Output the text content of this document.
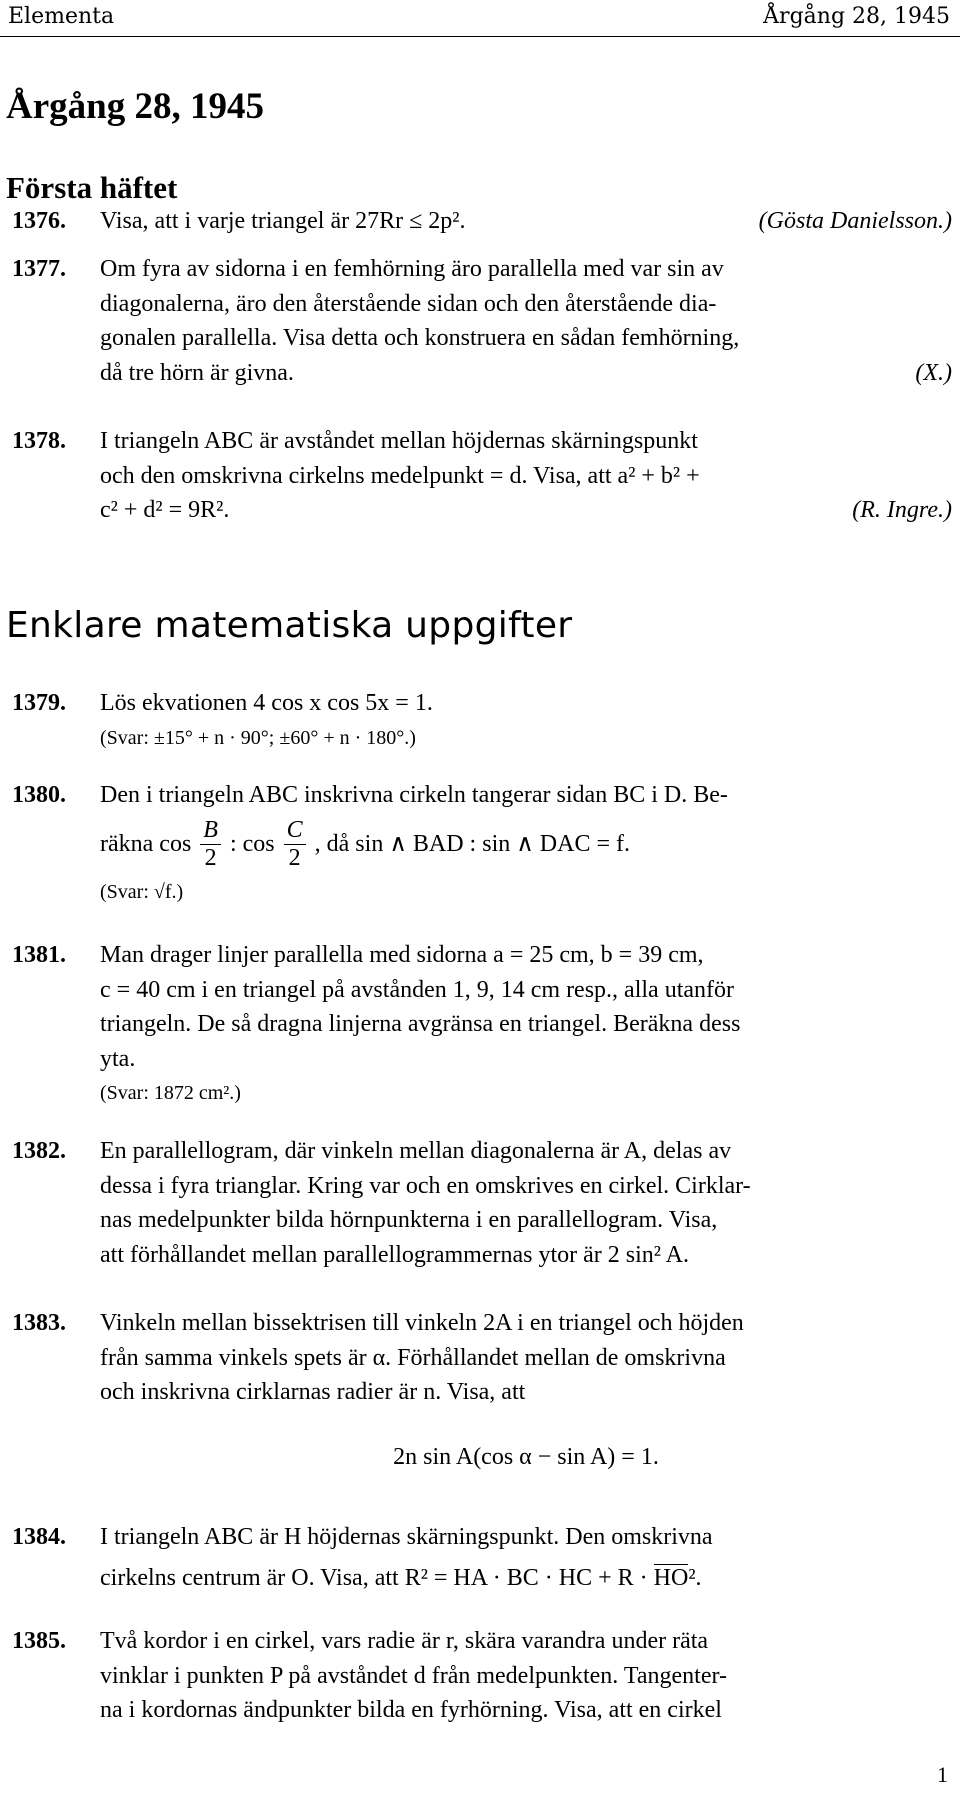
Elementa	Årgång 28, 1945
Årgång 28, 1945
Första häftet
1376. Visa, att i varje triangel är 27Rr ≤ 2p².	(Gösta Danielsson.)
1377. Om fyra av sidorna i en femhörning äro parallella med var sin av
diagonalerna, äro den återstående sidan och den återstående dia-
gonalen parallella. Visa detta och konstruera en sådan femhörning,
då tre hörn är givna.	(X.)
1378. I triangeln ABC är avståndet mellan höjdernas skärningspunkt
och den omskrivna cirkelns medelpunkt = d. Visa, att a² + b² +
c² + d² = 9R².	(R. Ingre.)
Enklare matematiska uppgifter
1379. Lös ekvationen 4 cos x cos 5x = 1.
(Svar: ±15° + n · 90°; ±60° + n · 180°.)
1380. Den i triangeln ABC inskrivna cirkeln tangerar sidan BC i D. Be-
räkna $\cos \frac{B}{2}$ : $\cos \frac{C}{2}$ , då sin ∧ BAD : sin ∧ DAC = f.
(Svar: √f.)
1381. Man drager linjer parallella med sidorna a = 25 cm, b = 39 cm,
c = 40 cm i en triangel på avstånden 1, 9, 14 cm resp., alla utanför
triangeln. De så dragna linjerna avgränsa en triangel. Beräkna dess
yta.
(Svar: 1872 cm².)
1382. En parallellogram, där vinkeln mellan diagonalerna är A, delas av
dessa i fyra trianglar. Kring var och en omskrives en cirkel. Cirklar-
nas medelpunkter bilda hörnpunkterna i en parallellogram. Visa,
att förhållandet mellan parallellogrammernas ytor är 2 sin² A.
1383. Vinkeln mellan bissektrisen till vinkeln 2A i en triangel och höjden
från samma vinkels spets är α. Förhållandet mellan de omskrivna
och inskrivna cirklarnas radier är n. Visa, att
2n sin A(cos α − sin A) = 1.
1384. I triangeln ABC är H höjdernas skärningspunkt. Den omskrivna
cirkelns centrum är O. Visa, att R² = HA · BC · HC + R · HO².
1385. Två kordor i en cirkel, vars radie är r, skära varandra under räta
vinklar i punkten P på avståndet d från medelpunkten. Tangenter-
na i kordornas ändpunkter bilda en fyrhörning. Visa, att en cirkel
1
